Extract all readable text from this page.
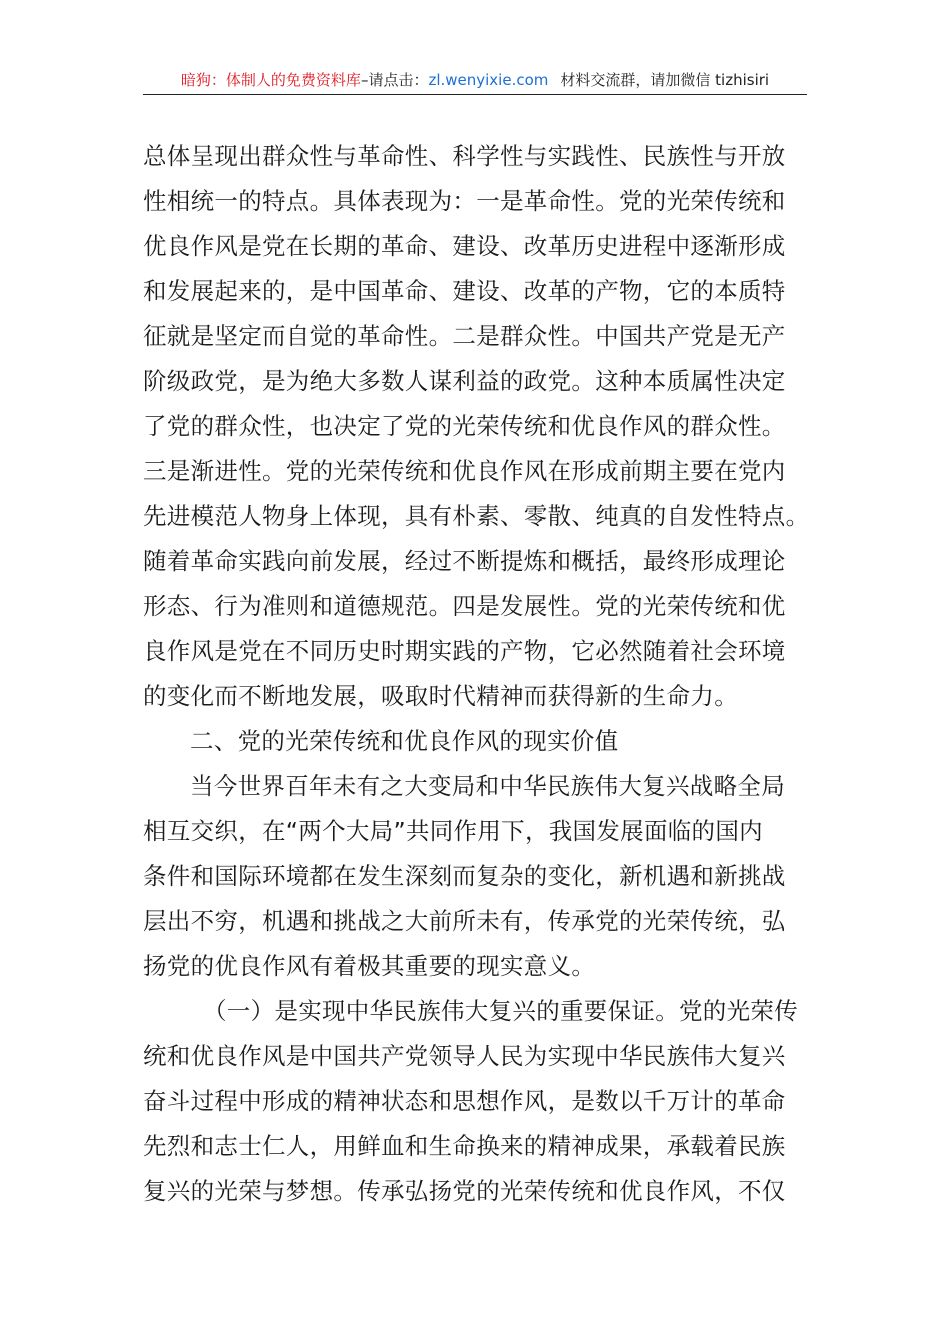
暗狗：体制人的免费资料库–请点击：zl.wenyixie.com 材料交流群，请加微信 tizhisiri
总体呈现出群众性与革命性、科学性与实践性、民族性与开放
性相统一的特点。具体表现为：一是革命性。党的光荣传统和
优良作风是党在长期的革命、建设、改革历史进程中逐渐形成
和发展起来的，是中国革命、建设、改革的产物，它的本质特
征就是坚定而自觉的革命性。二是群众性。中国共产党是无产
阶级政党，是为绝大多数人谋利益的政党。这种本质属性决定
了党的群众性，也决定了党的光荣传统和优良作风的群众性。
三是渐进性。党的光荣传统和优良作风在形成前期主要在党内
先进模范人物身上体现，具有朴素、零散、纯真的自发性特点。
随着革命实践向前发展，经过不断提炼和概括，最终形成理论
形态、行为准则和道德规范。四是发展性。党的光荣传统和优
良作风是党在不同历史时期实践的产物，它必然随着社会环境
的变化而不断地发展，吸取时代精神而获得新的生命力。
二、党的光荣传统和优良作风的现实价值
当今世界百年未有之大变局和中华民族伟大复兴战略全局
相互交织，在“两个大局”共同作用下，我国发展面临的国内
条件和国际环境都在发生深刻而复杂的变化，新机遇和新挑战
层出不穷，机遇和挑战之大前所未有，传承党的光荣传统，弘
扬党的优良作风有着极其重要的现实意义。
（一）是实现中华民族伟大复兴的重要保证。党的光荣传
统和优良作风是中国共产党领导人民为实现中华民族伟大复兴
奋斗过程中形成的精神状态和思想作风，是数以千万计的革命
先烈和志士仁人，用鲜血和生命换来的精神成果，承载着民族
复兴的光荣与梦想。传承弘扬党的光荣传统和优良作风，不仅
